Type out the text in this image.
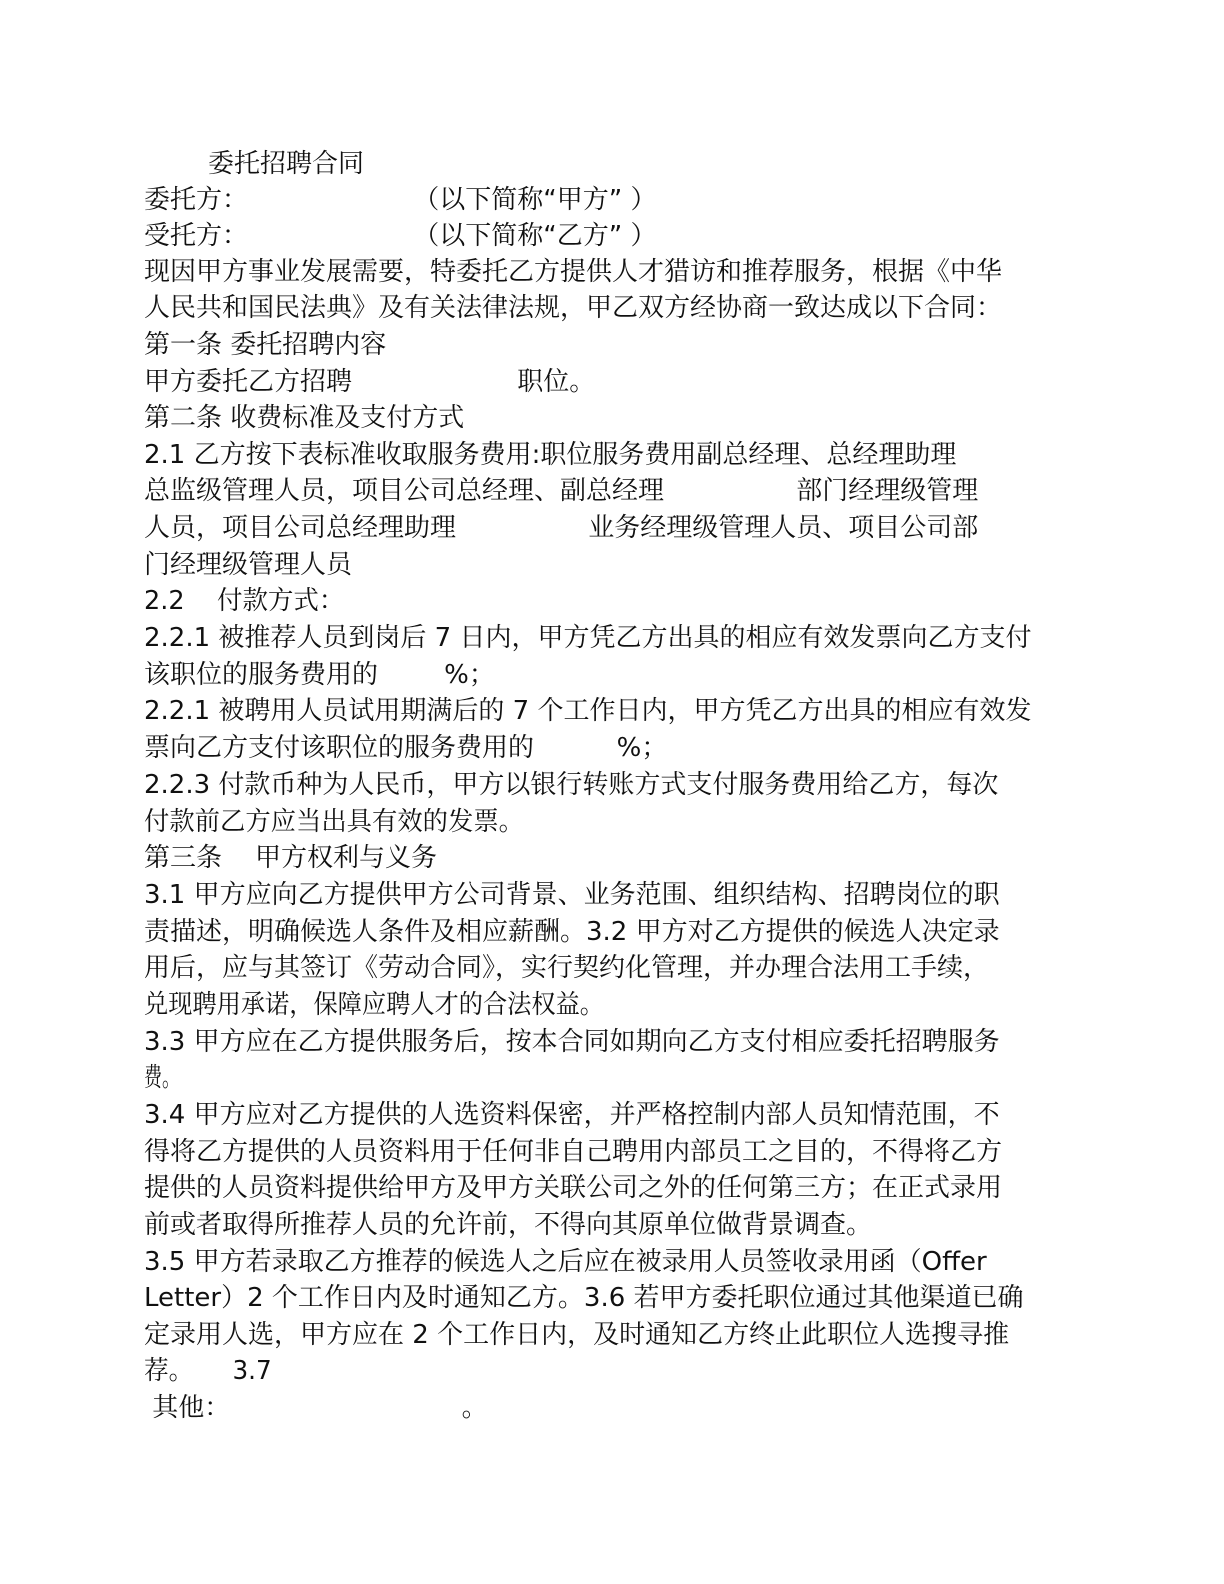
委托招聘合同
委托方：                    （以下简称“甲方” ）
受托方：                    （以下简称“乙方” ）
现因甲方事业发展需要，特委托乙方提供人才猎访和推荐服务，根据《中华
人民共和国民法典》及有关法律法规，甲乙双方经协商一致达成以下合同：
第一条 委托招聘内容
甲方委托乙方招聘                    职位。
第二条 收费标准及支付方式
2.1 乙方按下表标准收取服务费用:职位服务费用副总经理、总经理助理
总监级管理人员，项目公司总经理、副总经理                部门经理级管理
人员，项目公司总经理助理                业务经理级管理人员、项目公司部
门经理级管理人员
2.2    付款方式：
2.2.1 被推荐人员到岗后 7 日内，甲方凭乙方出具的相应有效发票向乙方支付
该职位的服务费用的        %；
2.2.1 被聘用人员试用期满后的 7 个工作日内，甲方凭乙方出具的相应有效发
票向乙方支付该职位的服务费用的          %；
2.2.3 付款币种为人民币，甲方以银行转账方式支付服务费用给乙方，每次
付款前乙方应当出具有效的发票。
第三条    甲方权利与义务
3.1 甲方应向乙方提供甲方公司背景、业务范围、组织结构、招聘岗位的职
责描述，明确候选人条件及相应薪酬。3.2 甲方对乙方提供的候选人决定录
用后，应与其签订《劳动合同》，实行契约化管理，并办理合法用工手续，
兑现聘用承诺，保障应聘人才的合法权益。
3.3 甲方应在乙方提供服务后，按本合同如期向乙方支付相应委托招聘服务
费。
3.4 甲方应对乙方提供的人选资料保密，并严格控制内部人员知情范围，不
得将乙方提供的人员资料用于任何非自己聘用内部员工之目的，不得将乙方
提供的人员资料提供给甲方及甲方关联公司之外的任何第三方；在正式录用
前或者取得所推荐人员的允许前，不得向其原单位做背景调查。
3.5 甲方若录取乙方推荐的候选人之后应在被录用人员签收录用函（Offer
Letter）2 个工作日内及时通知乙方。3.6 若甲方委托职位通过其他渠道已确
定录用人选，甲方应在 2 个工作日内，及时通知乙方终止此职位人选搜寻推
荐。     3.7
其他：                            。
